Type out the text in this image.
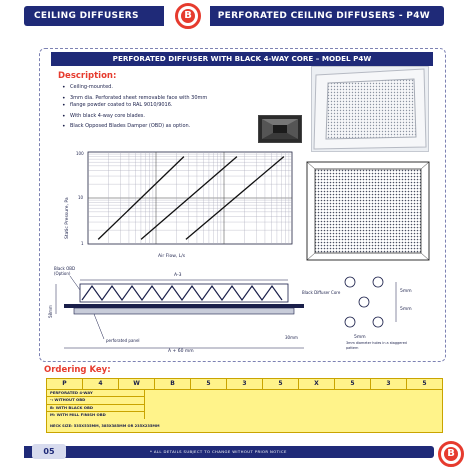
CEILING DIFFUSERS	PERFORATED CEILING DIFFUSERS - P4W
B
PERFORATED DIFFUSER WITH BLACK 4-WAY CORE – MODEL P4W
Description:
• Ceiling-mounted.
• 3mm dia. Perforated sheet removable face with 30mm
• flange powder coated to RAL 9010/9016.
• With black 4-way core blades.
• Black Opposed Blades Damper (OBD) as option.
100
10
1
Static Pressure, Pa
Air Flow, L/s
Black OBD
(Option)	A-3
58mm
perforated panel
A + 60 mm
30mm
Black Diffuser Core	5mm
5mm
5mm
3mm diameter holes in a staggered pattern
Ordering Key:
P	4	W	B	5	3	5	X	5	3	5
PERFORATED 4-WAY
-: WITHOUT OBD
B: WITH BLACK OBD
M: WITH MILL FINISH OBD
NECK SIZE: 535X535MM, 385X385MM OR 235X235MM
05	* ALL DETAILS SUBJECT TO CHANGE WITHOUT PRIOR NOTICE	B
